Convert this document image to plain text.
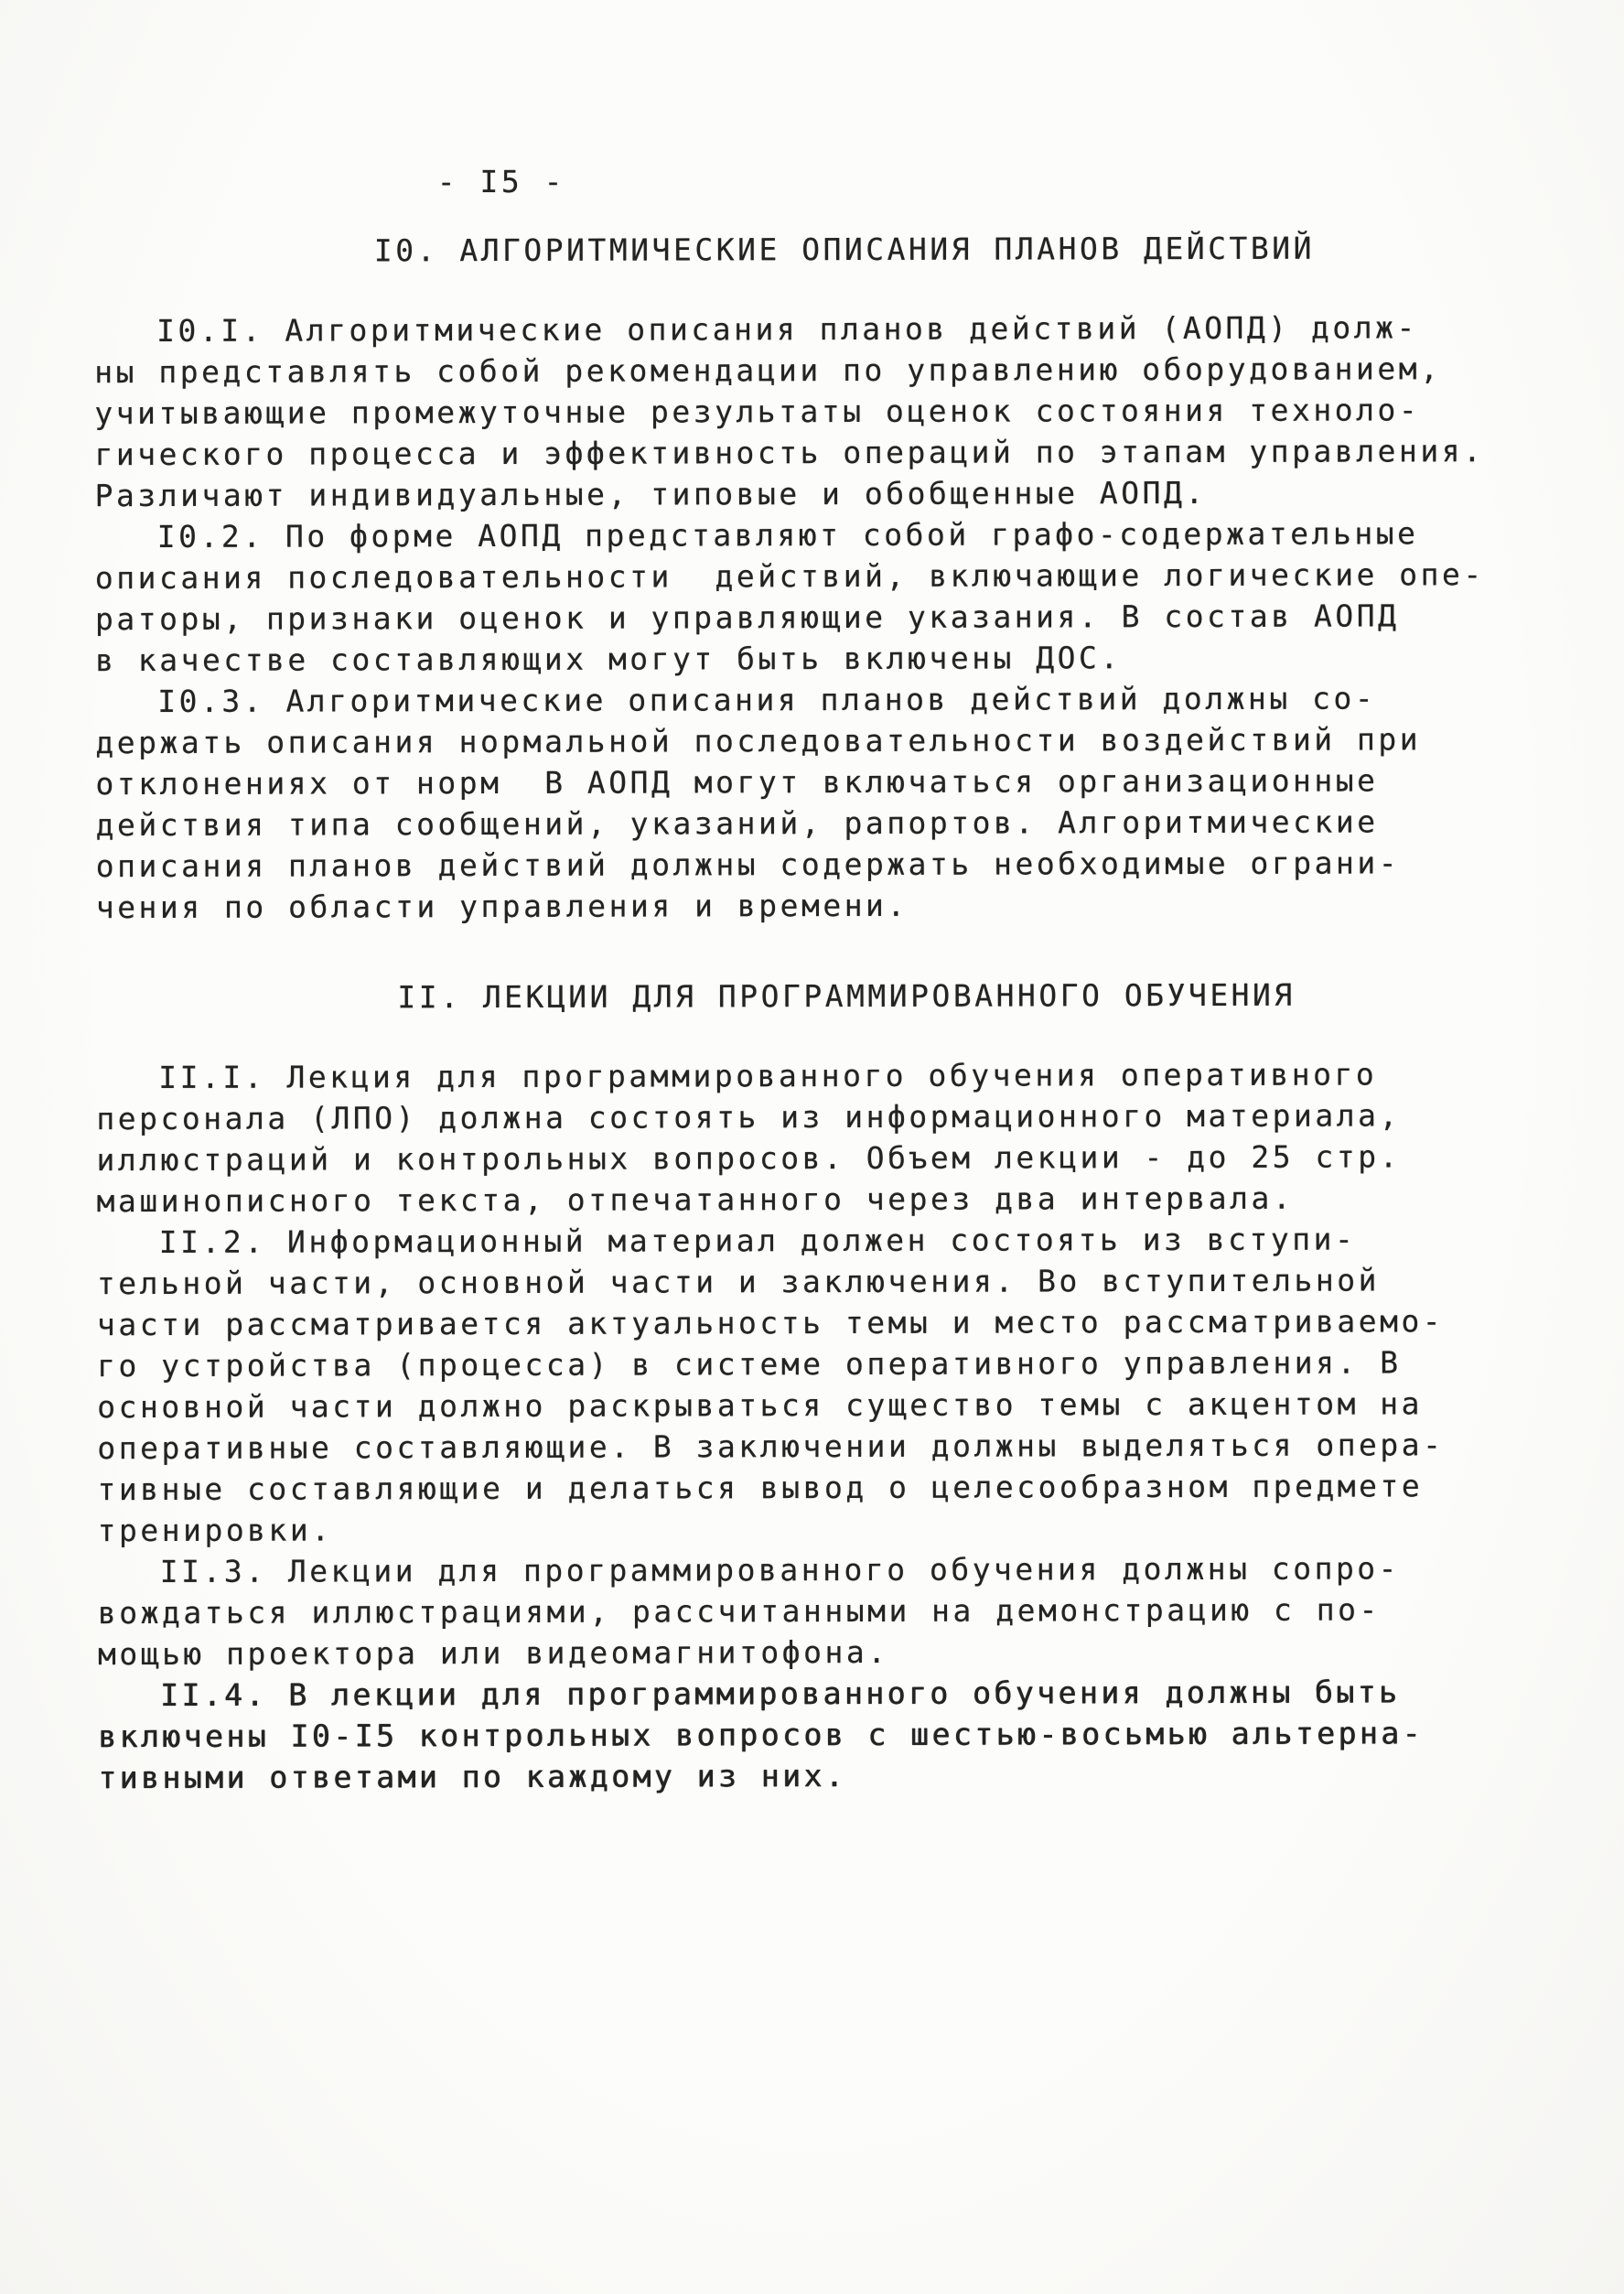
- I5 -
I0. АЛГОРИТМИЧЕСКИЕ ОПИСАНИЯ ПЛАНОВ ДЕЙСТВИЙ

I0.I. Алгоритмические описания планов действий (АОПД) долж-
ны представлять собой рекомендации по управлению оборудованием,
учитывающие промежуточные результаты оценок состояния техноло-
гического процесса и эффективность операций по этапам управления.
Различают индивидуальные, типовые и обобщенные АОПД.

I0.2. По форме АОПД представляют собой графо-содержательные
описания последовательности  действий, включающие логические опе-
раторы, признаки оценок и управляющие указания. В состав АОПД
в качестве составляющих могут быть включены ДОС.

I0.3. Алгоритмические описания планов действий должны со-
держать описания нормальной последовательности воздействий при
отклонениях от норм  В АОПД могут включаться организационные
действия типа сообщений, указаний, рапортов. Алгоритмические
описания планов действий должны содержать необходимые ограни-
чения по области управления и времени.

II. ЛЕКЦИИ ДЛЯ ПРОГРАММИРОВАННОГО ОБУЧЕНИЯ

II.I. Лекция для программированного обучения оперативного
персонала (ЛПО) должна состоять из информационного материала,
иллюстраций и контрольных вопросов. Объем лекции - до 25 стр.
машинописного текста, отпечатанного через два интервала.

II.2. Информационный материал должен состоять из вступи-
тельной части, основной части и заключения. Во вступительной
части рассматривается актуальность темы и место рассматриваемо-
го устройства (процесса) в системе оперативного управления. В
основной части должно раскрываться существо темы с акцентом на
оперативные составляющие. В заключении должны выделяться опера-
тивные составляющие и делаться вывод о целесообразном предмете
тренировки.

II.3. Лекции для программированного обучения должны сопро-
вождаться иллюстрациями, рассчитанными на демонстрацию с по-
мощью проектора или видеомагнитофона.

II.4. В лекции для программированного обучения должны быть
включены I0-I5 контрольных вопросов с шестью-восьмью альтерна-
тивными ответами по каждому из них.
